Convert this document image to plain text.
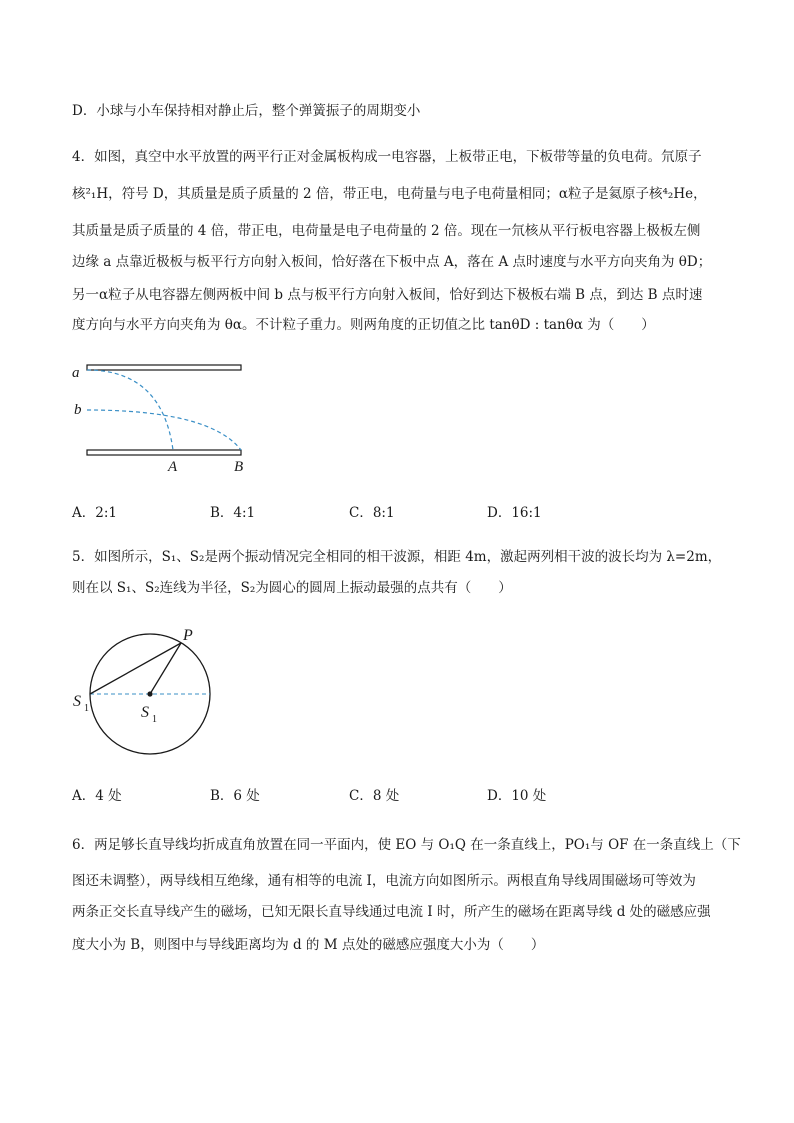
D．小球与小车保持相对静止后，整个弹簧振子的周期变小
4．如图，真空中水平放置的两平行正对金属板构成一电容器，上板带正电，下板带等量的负电荷。氘原子
核²₁H，符号 D，其质量是质子质量的 2 倍，带正电，电荷量与电子电荷量相同；α粒子是氦原子核⁴₂He，
其质量是质子质量的 4 倍，带正电，电荷量是电子电荷量的 2 倍。现在一氘核从平行板电容器上极板左侧
边缘 a 点靠近极板与板平行方向射入板间，恰好落在下板中点 A，落在 A 点时速度与水平方向夹角为 θD；
另一α粒子从电容器左侧两板中间 b 点与板平行方向射入板间，恰好到达下极板右端 B 点，到达 B 点时速
度方向与水平方向夹角为 θα。不计粒子重力。则两角度的正切值之比 tanθD : tanθα 为（　　）
a
b
A	B
A．2:1	B．4:1	C．8:1	D．16:1
5．如图所示，S₁、S₂是两个振动情况完全相同的相干波源，相距 4m，激起两列相干波的波长均为 λ=2m，
则在以 S₁、S₂连线为半径，S₂为圆心的圆周上振动最强的点共有（　　）
P
S 1	S 1
A．4 处	B．6 处	C．8 处	D．10 处
6．两足够长直导线均折成直角放置在同一平面内，使 EO 与 O₁Q 在一条直线上，PO₁与 OF 在一条直线上（下
图还未调整），两导线相互绝缘，通有相等的电流 I，电流方向如图所示。两根直角导线周围磁场可等效为
两条正交长直导线产生的磁场，已知无限长直导线通过电流 I 时，所产生的磁场在距离导线 d 处的磁感应强
度大小为 B，则图中与导线距离均为 d 的 M 点处的磁感应强度大小为（　　）
